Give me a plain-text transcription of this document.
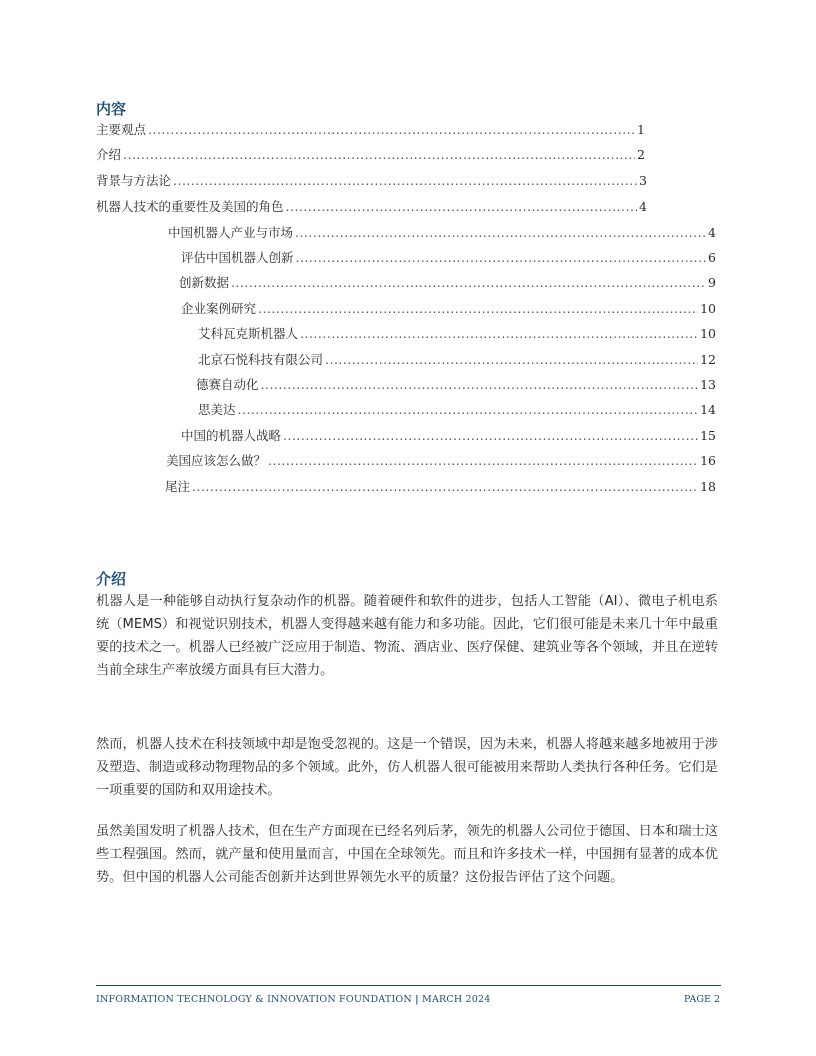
内容
主要观点 .....	1
介绍 .....	2
背景与方法论 .....	3
机器人技术的重要性及美国的角色 .....	4
中国机器人产业与市场 .....	4
评估中国机器人创新 .....	6
创新数据 .....	9
企业案例研究 .....	10
艾科瓦克斯机器人 .....	10
北京石悦科技有限公司 .....	12
德赛自动化 .....	13
思美达 .....	14
中国的机器人战略 .....	15
美国应该怎么做？ .....	16
尾注 .....	18
介绍

机器人是一种能够自动执行复杂动作的机器。随着硬件和软件的进步，包括人工智能（AI）、微电子机电系统（MEMS）和视觉识别技术，机器人变得越来越有能力和多功能。因此，它们很可能是未来几十年中最重要的技术之一。机器人已经被广泛应用于制造、物流、酒店业、医疗保健、建筑业等各个领域，并且在逆转当前全球生产率放缓方面具有巨大潜力。

然而，机器人技术在科技领域中却是饱受忽视的。这是一个错误，因为未来，机器人将越来越多地被用于涉及塑造、制造或移动物理物品的多个领域。此外，仿人机器人很可能被用来帮助人类执行各种任务。它们是一项重要的国防和双用途技术。

虽然美国发明了机器人技术，但在生产方面现在已经名列后茅，领先的机器人公司位于德国、日本和瑞士这些工程强国。然而，就产量和使用量而言，中国在全球领先。而且和许多技术一样，中国拥有显著的成本优势。但中国的机器人公司能否创新并达到世界领先水平的质量？这份报告评估了这个问题。

INFORMATION TECHNOLOGY & INNOVATION FOUNDATION | MARCH 2024	PAGE 2
